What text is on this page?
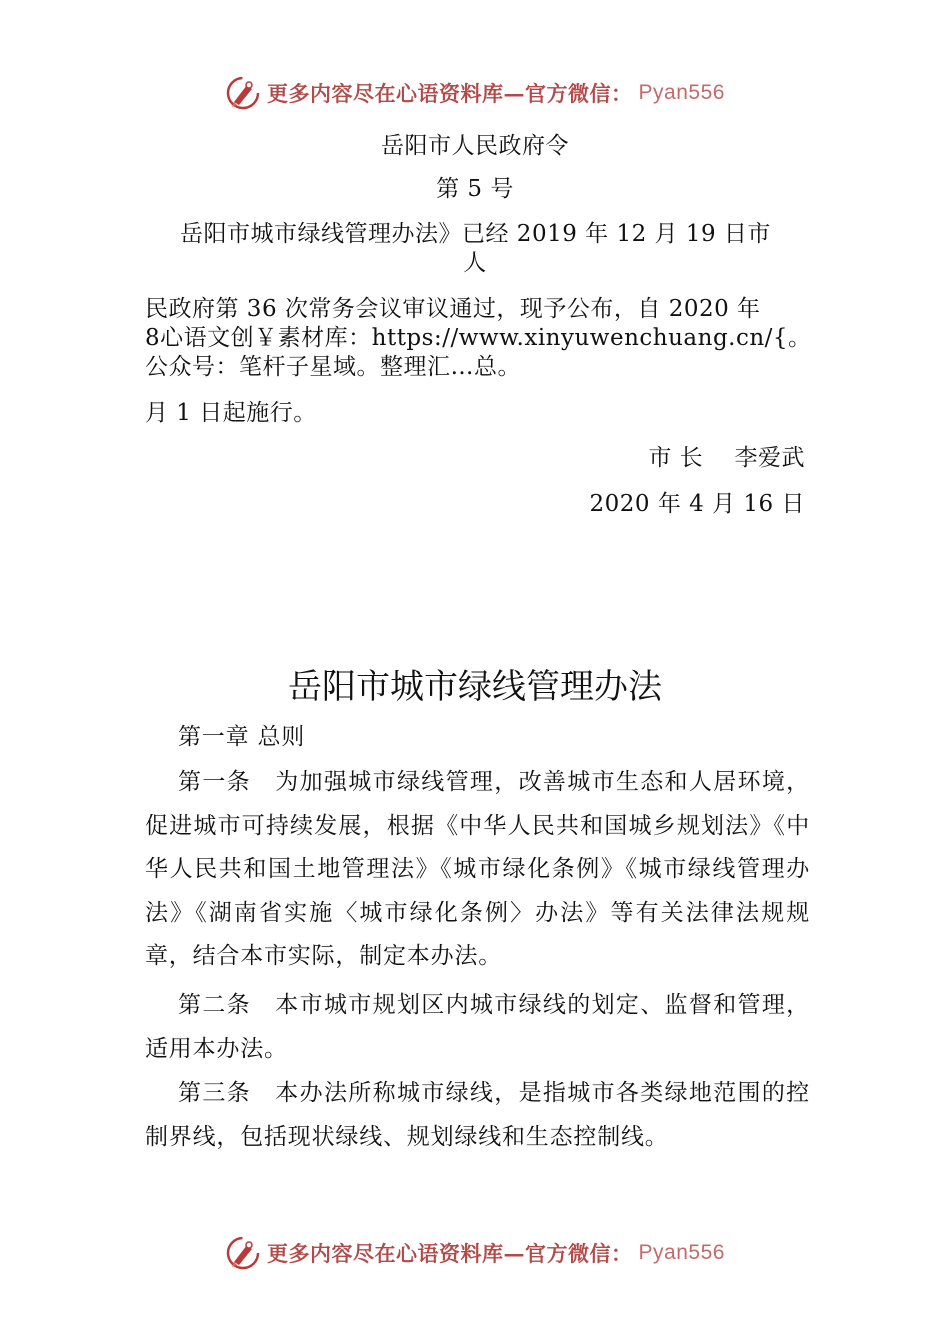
更多内容尽在心语资料库—官方微信： Pyan556
岳阳市人民政府令
第 5 号
岳阳市城市绿线管理办法》已经 2019 年 12 月 19 日市
人
民政府第 36 次常务会议审议通过，现予公布，自 2020 年
8心语文创￥素材库：https://www.xinyuwenchuang.cn/{。
公众号：笔杆子星域。整理汇…总。
月 1 日起施行。
市 长　 李爱武
2020 年 4 月 16 日
岳阳市城市绿线管理办法
第一章 总则
第一条　为加强城市绿线管理，改善城市生态和人居环境，促进城市可持续发展，根据《中华人民共和国城乡规划法》《中华人民共和国土地管理法》《城市绿化条例》《城市绿线管理办法》《湖南省实施〈城市绿化条例〉办法》等有关法律法规规章，结合本市实际，制定本办法。
第二条　本市城市规划区内城市绿线的划定、监督和管理，适用本办法。
第三条　本办法所称城市绿线，是指城市各类绿地范围的控制界线，包括现状绿线、规划绿线和生态控制线。
更多内容尽在心语资料库—官方微信： Pyan556
